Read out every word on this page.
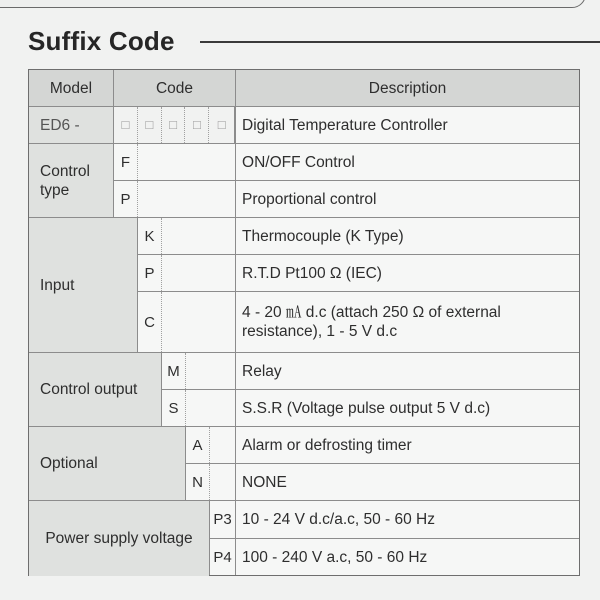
Suffix Code
Model	Code					Description
ED6 -	□ □ □ □ □					Digital Temperature Controller
Control type	F					ON/OFF Control
	P					Proportional control
Input		K				Thermocouple (K Type)
		P				R.T.D Pt100 Ω (IEC)
		C				4 - 20 ㎃ d.c (attach 250 Ω of external resistance), 1 - 5 V d.c
Control output			M			Relay
			S			S.S.R (Voltage pulse output 5 V d.c)
Optional				A		Alarm or defrosting timer
				N		NONE
Power supply voltage					P3	10 - 24 V d.c/a.c, 50 - 60 Hz
					P4	100 - 240 V a.c, 50 - 60 Hz
